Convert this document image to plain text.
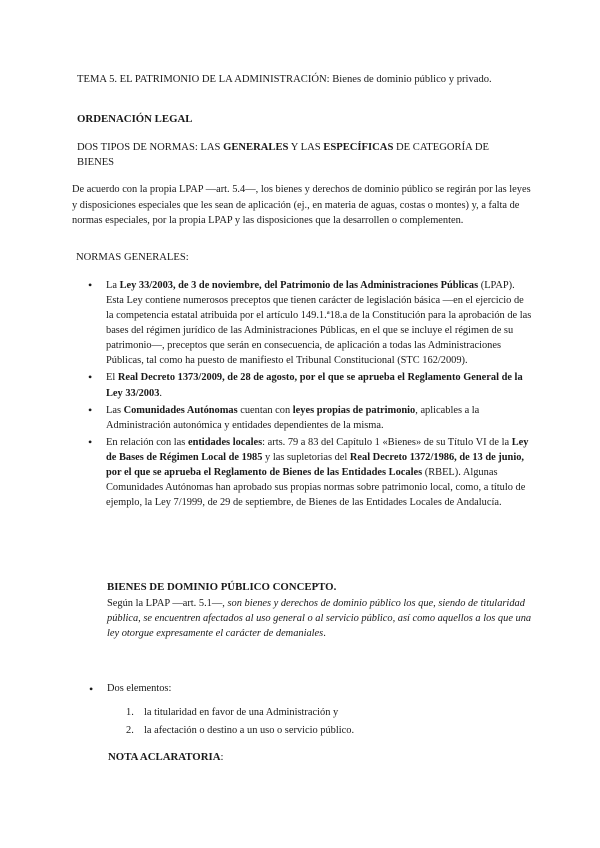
TEMA 5. EL PATRIMONIO DE LA ADMINISTRACIÓN: Bienes de dominio público y privado.

ORDENACIÓN LEGAL

DOS TIPOS DE NORMAS: LAS GENERALES Y LAS ESPECÍFICAS DE CATEGORÍA DE BIENES

De acuerdo con la propia LPAP —art. 5.4—, los bienes y derechos de dominio público se regirán por las leyes y disposiciones especiales que les sean de aplicación (ej., en materia de aguas, costas o montes) y, a falta de normas especiales, por la propia LPAP y las disposiciones que la desarrollen o complementen.

NORMAS GENERALES:

• La Ley 33/2003, de 3 de noviembre, del Patrimonio de las Administraciones Públicas (LPAP). Esta Ley contiene numerosos preceptos que tienen carácter de legislación básica —en el ejercicio de la competencia estatal atribuida por el artículo 149.1.ª18.a de la Constitución para la aprobación de las bases del régimen jurídico de las Administraciones Públicas, en el que se incluye el régimen de su patrimonio—, preceptos que serán en consecuencia, de aplicación a todas las Administraciones Públicas, tal como ha puesto de manifiesto el Tribunal Constitucional (STC 162/2009).
• El Real Decreto 1373/2009, de 28 de agosto, por el que se aprueba el Reglamento General de la Ley 33/2003.
• Las Comunidades Autónomas cuentan con leyes propias de patrimonio, aplicables a la Administración autonómica y entidades dependientes de la misma.
• En relación con las entidades locales: arts. 79 a 83 del Capítulo 1 «Bienes» de su Título VI de la Ley de Bases de Régimen Local de 1985 y las supletorias del Real Decreto 1372/1986, de 13 de junio, por el que se aprueba el Reglamento de Bienes de las Entidades Locales (RBEL). Algunas Comunidades Autónomas han aprobado sus propias normas sobre patrimonio local, como, a título de ejemplo, la Ley 7/1999, de 29 de septiembre, de Bienes de las Entidades Locales de Andalucía.
BIENES DE DOMINIO PÚBLICO CONCEPTO.
Según la LPAP —art. 5.1—, son bienes y derechos de dominio público los que, siendo de titularidad pública, se encuentren afectados al uso general o al servicio público, así como aquellos a los que una ley otorgue expresamente el carácter de demaniales.
• Dos elementos:
1. la titularidad en favor de una Administración y
2. la afectación o destino a un uso o servicio público.

NOTA ACLARATORIA:
